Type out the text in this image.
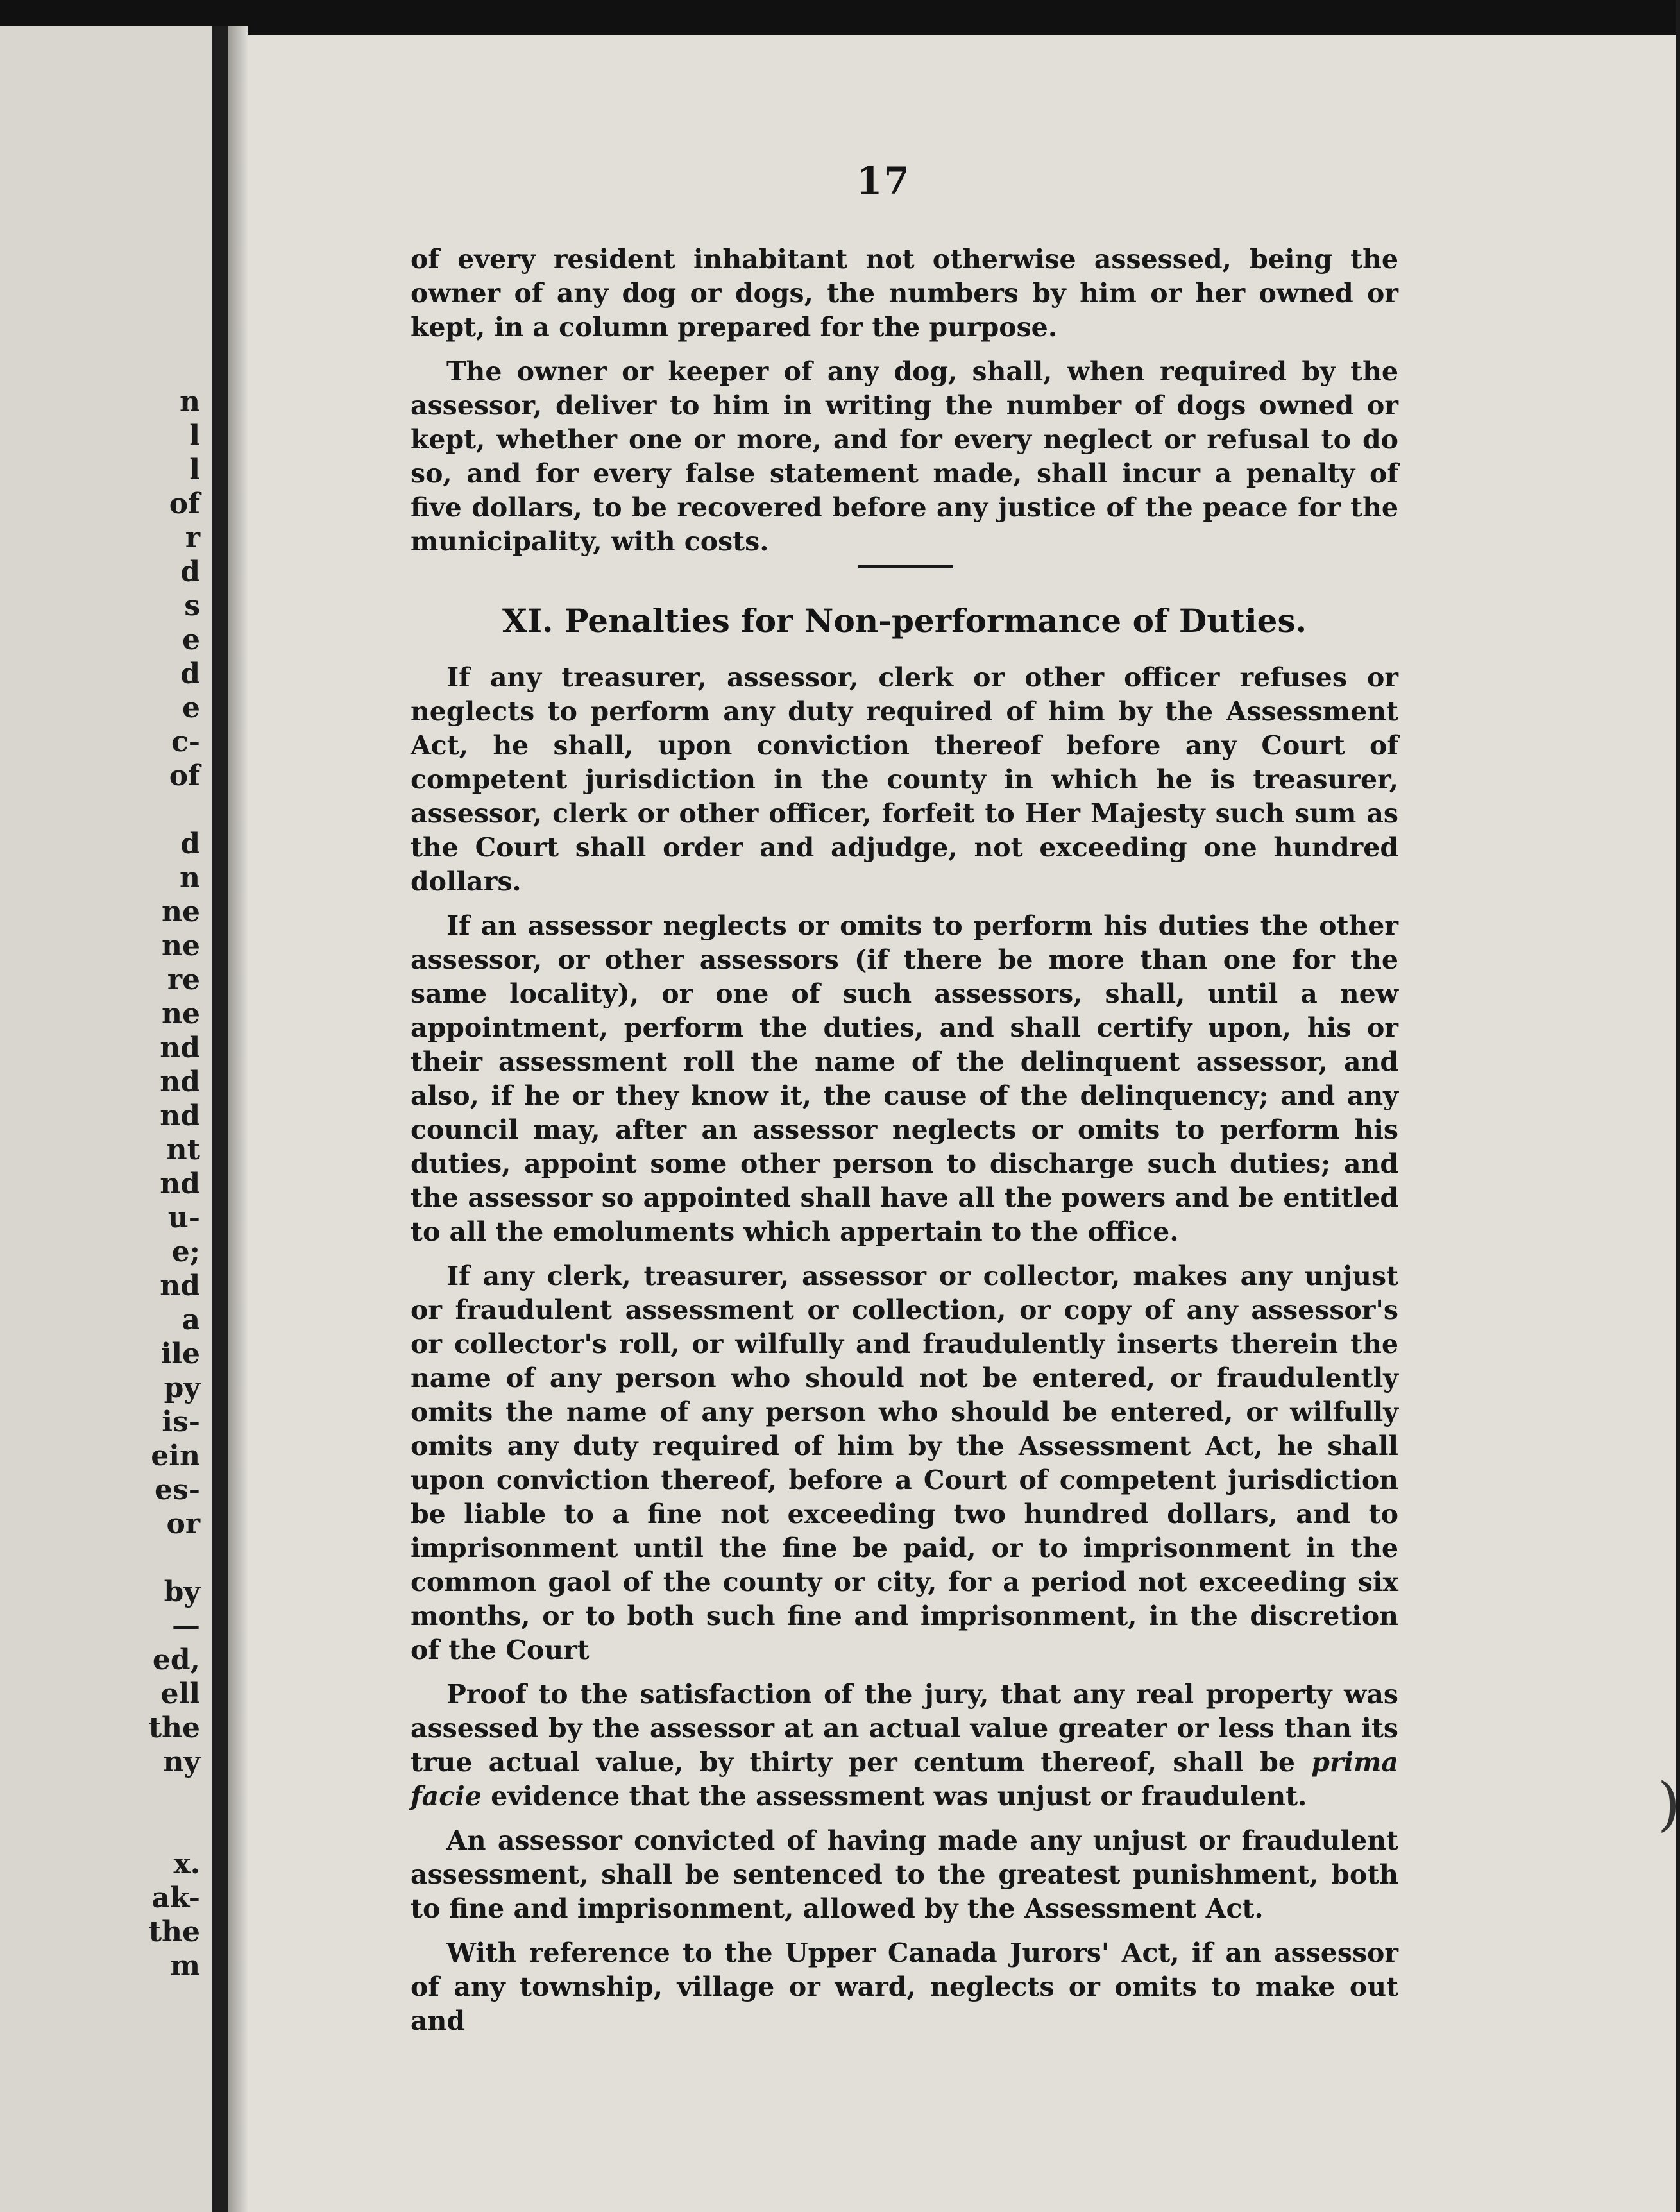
n
l
l
of
r
d
s
e
d
e
c-
of
d
n
ne
ne
re
ne
nd
nd
nd
nt
nd
u-
e;
nd
a
ile
py
is-
ein
es-
or
by
—
ed,
ell
the
ny
x.
ak-
the
m
17

of every resident inhabitant not otherwise assessed, being the owner of any dog or dogs, the numbers by him or her owned or kept, in a column prepared for the purpose.

The owner or keeper of any dog, shall, when required by the assessor, deliver to him in writing the number of dogs owned or kept, whether one or more, and for every neglect or refusal to do so, and for every false statement made, shall incur a penalty of five dollars, to be recovered before any justice of the peace for the municipality, with costs.

XI. Penalties for Non-performance of Duties.

If any treasurer, assessor, clerk or other officer refuses or neglects to perform any duty required of him by the Assessment Act, he shall, upon conviction thereof before any Court of competent jurisdiction in the county in which he is treasurer, assessor, clerk or other officer, forfeit to Her Majesty such sum as the Court shall order and adjudge, not exceeding one hundred dollars.

If an assessor neglects or omits to perform his duties the other assessor, or other assessors (if there be more than one for the same locality), or one of such assessors, shall, until a new appointment, perform the duties, and shall certify upon, his or their assessment roll the name of the delinquent assessor, and also, if he or they know it, the cause of the delinquency; and any council may, after an assessor neglects or omits to perform his duties, appoint some other person to discharge such duties; and the assessor so appointed shall have all the powers and be entitled to all the emoluments which appertain to the office.

If any clerk, treasurer, assessor or collector, makes any unjust or fraudulent assessment or collection, or copy of any assessor's or collector's roll, or wilfully and fraudulently inserts therein the name of any person who should not be entered, or fraudulently omits the name of any person who should be entered, or wilfully omits any duty required of him by the Assessment Act, he shall upon conviction thereof, before a Court of competent jurisdiction be liable to a fine not exceeding two hundred dollars, and to imprisonment until the fine be paid, or to imprisonment in the common gaol of the county or city, for a period not exceeding six months, or to both such fine and imprisonment, in the discretion of the Court

Proof to the satisfaction of the jury, that any real property was assessed by the assessor at an actual value greater or less than its true actual value, by thirty per centum thereof, shall be prima facie evidence that the assessment was unjust or fraudulent.

An assessor convicted of having made any unjust or fraudulent assessment, shall be sentenced to the greatest punishment, both to fine and imprisonment, allowed by the Assessment Act.

With reference to the Upper Canada Jurors' Act, if an assessor of any township, village or ward, neglects or omits to make out and

)
